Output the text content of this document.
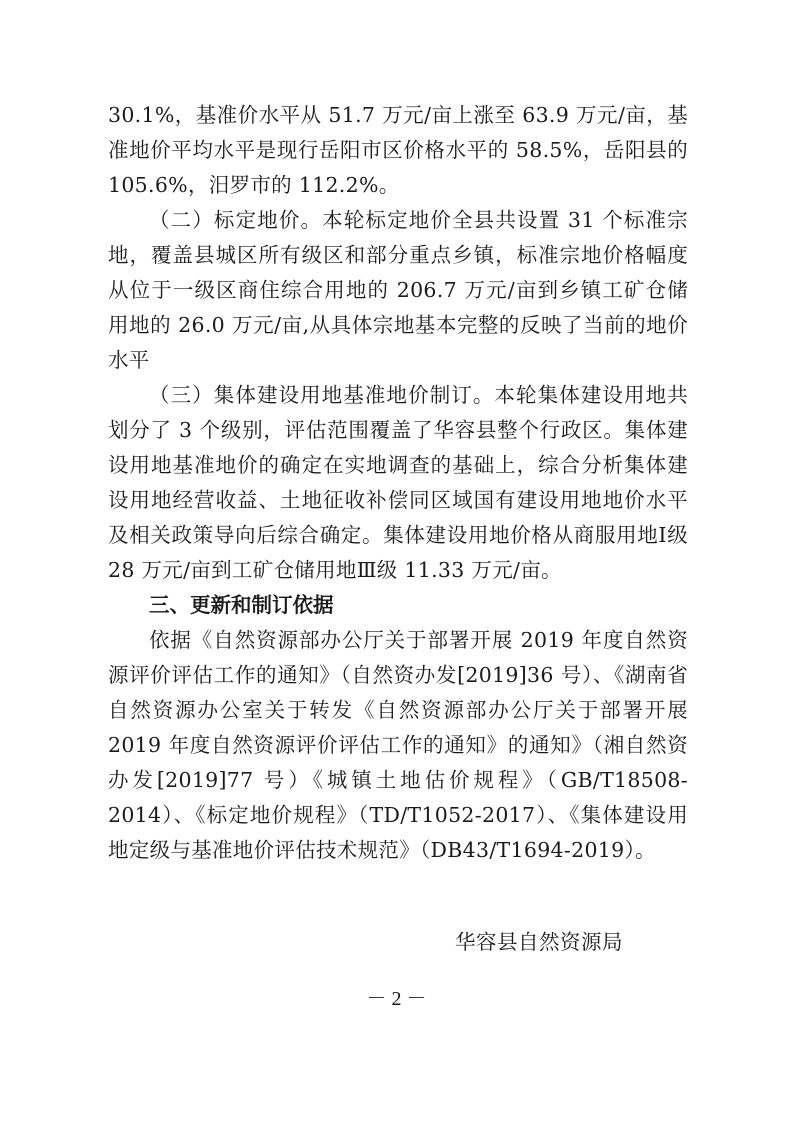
30.1%，基准价水平从 51.7 万元/亩上涨至 63.9 万元/亩，基准地价平均水平是现行岳阳市区价格水平的 58.5%，岳阳县的 105.6%，汨罗市的 112.2%。

（二）标定地价。本轮标定地价全县共设置 31 个标准宗地，覆盖县城区所有级区和部分重点乡镇，标准宗地价格幅度从位于一级区商住综合用地的 206.7 万元/亩到乡镇工矿仓储用地的 26.0 万元/亩,从具体宗地基本完整的反映了当前的地价水平

（三）集体建设用地基准地价制订。本轮集体建设用地共划分了 3 个级别，评估范围覆盖了华容县整个行政区。集体建设用地基准地价的确定在实地调查的基础上，综合分析集体建设用地经营收益、土地征收补偿同区域国有建设用地地价水平及相关政策导向后综合确定。集体建设用地价格从商服用地Ⅰ级 28 万元/亩到工矿仓储用地Ⅲ级 11.33 万元/亩。

三、更新和制订依据

依据《自然资源部办公厅关于部署开展 2019 年度自然资源评价评估工作的通知》（自然资办发[2019]36 号）、《湖南省自然资源办公室关于转发《自然资源部办公厅关于部署开展 2019 年度自然资源评价评估工作的通知》的通知》（湘自然资办发[2019]77 号）《城镇土地估价规程》（GB/T18508-2014）、《标定地价规程》（TD/T1052-2017）、《集体建设用地定级与基准地价评估技术规范》（DB43/T1694-2019）。

华容县自然资源局
－ 2 －
